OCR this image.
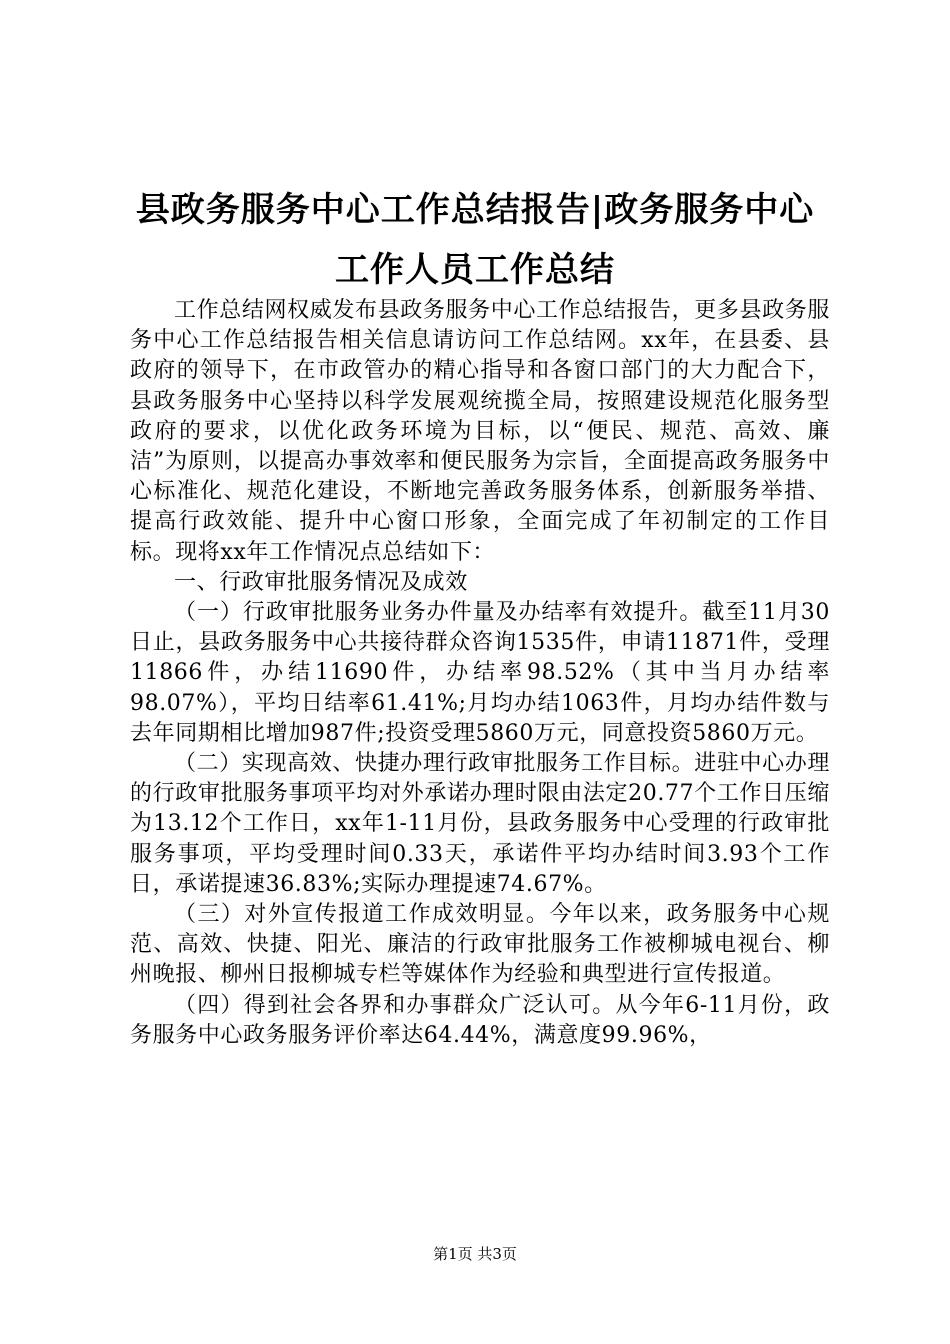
县政务服务中心工作总结报告|政务服务中心
工作人员工作总结

工作总结网权威发布县政务服务中心工作总结报告，更多县政务服务中心工作总结报告相关信息请访问工作总结网。xx年，在县委、县政府的领导下，在市政管办的精心指导和各窗口部门的大力配合下，县政务服务中心坚持以科学发展观统揽全局，按照建设规范化服务型政府的要求，以优化政务环境为目标，以“便民、规范、高效、廉洁”为原则，以提高办事效率和便民服务为宗旨，全面提高政务服务中心标准化、规范化建设，不断地完善政务服务体系，创新服务举措、提高行政效能、提升中心窗口形象，全面完成了年初制定的工作目标。现将xx年工作情况点总结如下：

一、行政审批服务情况及成效

（一）行政审批服务业务办件量及办结率有效提升。截至11月30日止，县政务服务中心共接待群众咨询1535件，申请11871件，受理11866件，办结11690件，办结率98.52%（其中当月办结率98.07%），平均日结率61.41%;月均办结1063件，月均办结件数与去年同期相比增加987件;投资受理5860万元，同意投资5860万元。

（二）实现高效、快捷办理行政审批服务工作目标。进驻中心办理的行政审批服务事项平均对外承诺办理时限由法定20.77个工作日压缩为13.12个工作日，xx年1-11月份，县政务服务中心受理的行政审批服务事项，平均受理时间0.33天，承诺件平均办结时间3.93个工作日，承诺提速36.83%;实际办理提速74.67%。

（三）对外宣传报道工作成效明显。今年以来，政务服务中心规范、高效、快捷、阳光、廉洁的行政审批服务工作被柳城电视台、柳州晚报、柳州日报柳城专栏等媒体作为经验和典型进行宣传报道。

（四）得到社会各界和办事群众广泛认可。从今年6-11月份，政务服务中心政务服务评价率达64.44%，满意度99.96%，

第1页 共3页
